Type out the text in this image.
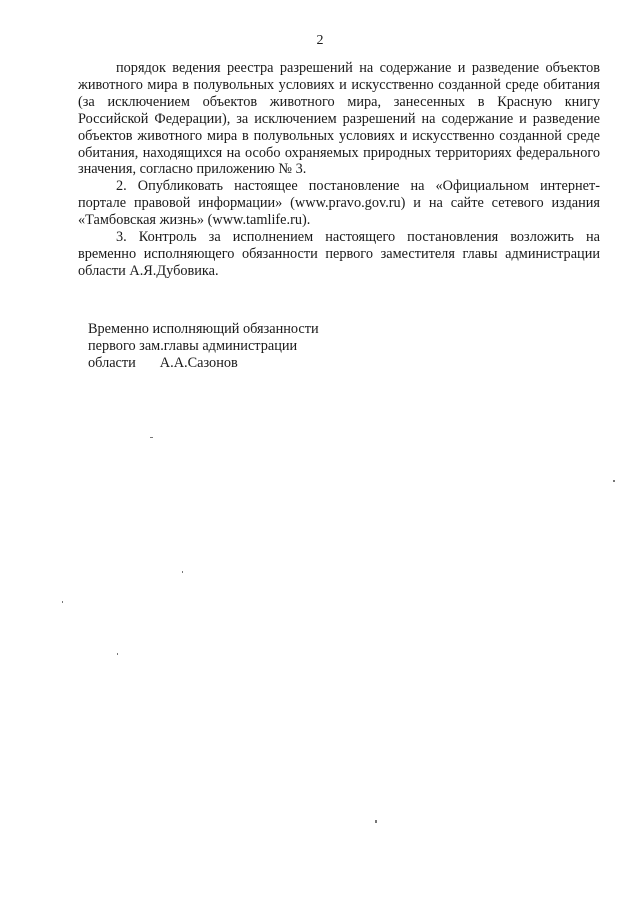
2

порядок ведения реестра разрешений на содержание и разведение объектов животного мира в полувольных условиях и искусственно созданной среде обитания (за исключением объектов животного мира, занесенных в Красную книгу Российской Федерации), за исключением разрешений на содержание и разведение объектов животного мира в полувольных условиях и искусственно созданной среде обитания, находящихся на особо охраняемых природных территориях федерального значения, согласно приложению № 3.

2. Опубликовать настоящее постановление на «Официальном интернет-портале правовой информации» (www.pravo.gov.ru) и на сайте сетевого издания «Тамбовская жизнь» (www.tamlife.ru).

3. Контроль за исполнением настоящего постановления возложить на временно исполняющего обязанности первого заместителя главы администрации области А.Я.Дубовика.

Временно исполняющий обязанности
первого зам.главы администрации
области А.А.Сазонов
